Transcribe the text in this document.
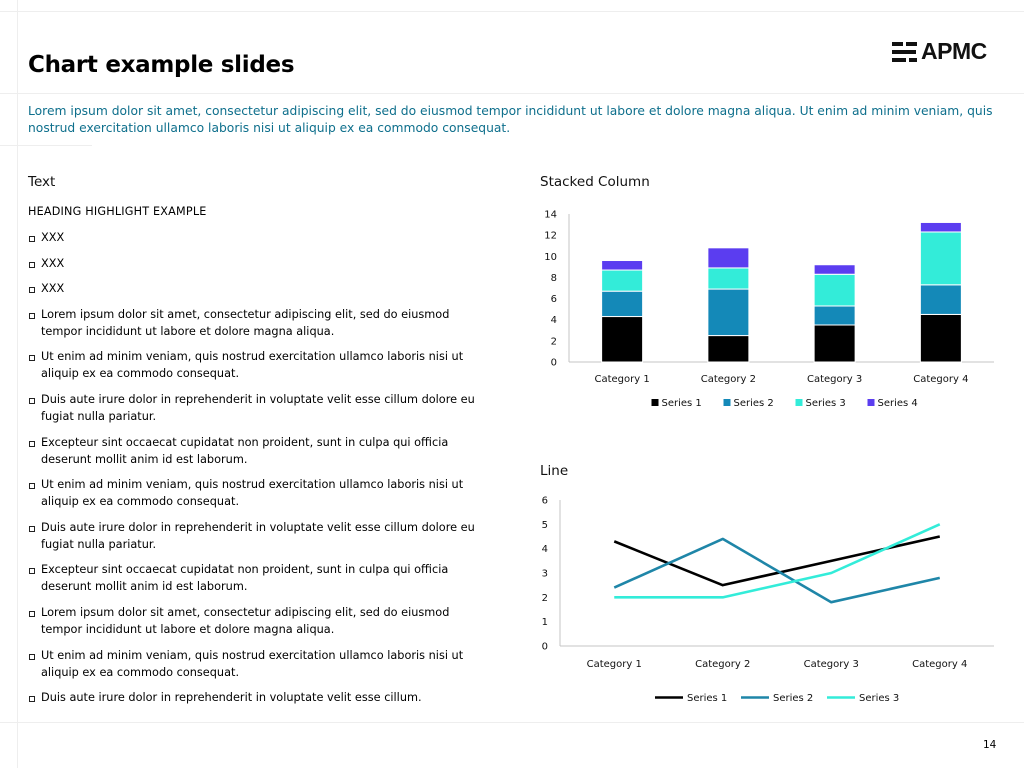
Chart example slides
APMC

Lorem ipsum dolor sit amet, consectetur adipiscing elit, sed do eiusmod tempor incididunt ut labore et dolore magna aliqua. Ut enim ad minim veniam, quis nostrud exercitation ullamco laboris nisi ut aliquip ex ea commodo consequat.

Text

HEADING HIGHLIGHT EXAMPLE

XXX
XXX
XXX
Lorem ipsum dolor sit amet, consectetur adipiscing elit, sed do eiusmod tempor incididunt ut labore et dolore magna aliqua.
Ut enim ad minim veniam, quis nostrud exercitation ullamco laboris nisi ut aliquip ex ea commodo consequat.
Duis aute irure dolor in reprehenderit in voluptate velit esse cillum dolore eu fugiat nulla pariatur.
Excepteur sint occaecat cupidatat non proident, sunt in culpa qui officia deserunt mollit anim id est laborum.
Ut enim ad minim veniam, quis nostrud exercitation ullamco laboris nisi ut aliquip ex ea commodo consequat.
Duis aute irure dolor in reprehenderit in voluptate velit esse cillum dolore eu fugiat nulla pariatur.
Excepteur sint occaecat cupidatat non proident, sunt in culpa qui officia deserunt mollit anim id est laborum.
Lorem ipsum dolor sit amet, consectetur adipiscing elit, sed do eiusmod tempor incididunt ut labore et dolore magna aliqua.
Ut enim ad minim veniam, quis nostrud exercitation ullamco laboris nisi ut aliquip ex ea commodo consequat.
Duis aute irure dolor in reprehenderit in voluptate velit esse cillum.
Stacked Column
0
2
4
6
8
10
12
14
Category 1	Category 2	Category 3	Category 4
Series 1	Series 2	Series 3	Series 4
Line
0
1
2
3
4
5
6
Category 1	Category 2	Category 3	Category 4
Series 1	Series 2	Series 3
14
